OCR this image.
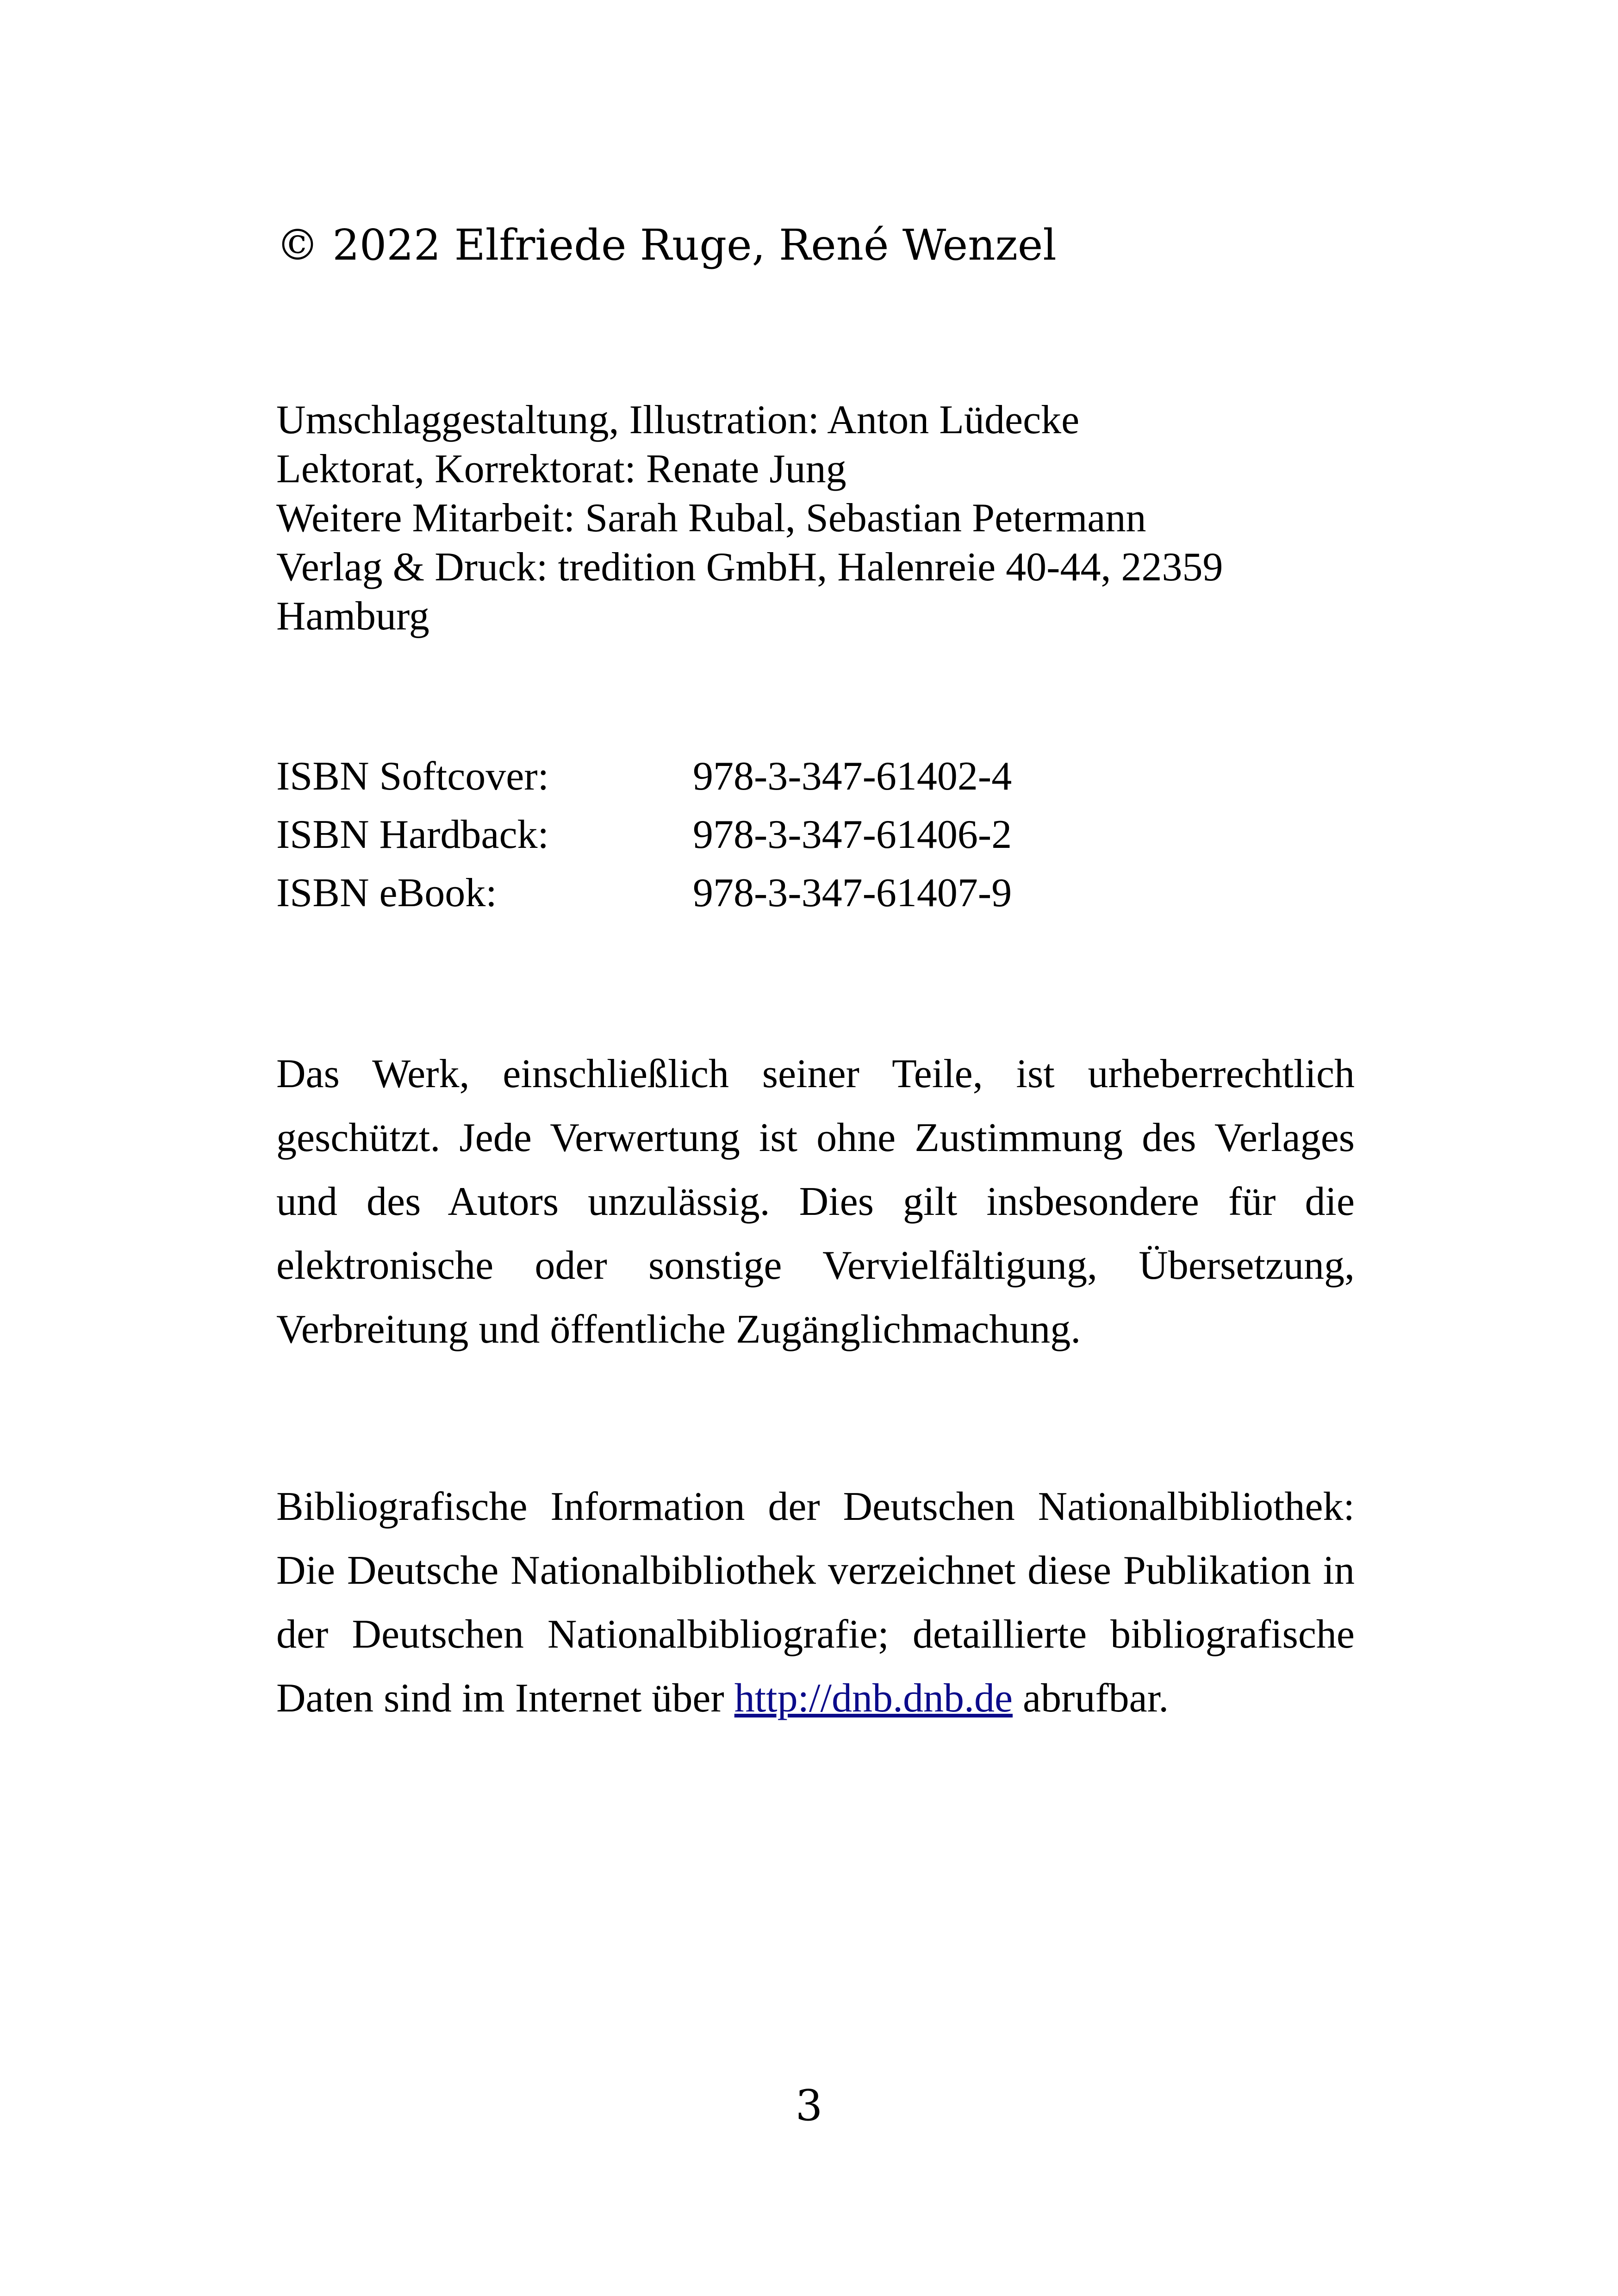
© 2022 Elfriede Ruge, René Wenzel
Umschlaggestaltung, Illustration: Anton Lüdecke
Lektorat, Korrektorat: Renate Jung
Weitere Mitarbeit: Sarah Rubal, Sebastian Petermann
Verlag & Druck: tredition GmbH, Halenreie 40-44, 22359
Hamburg
ISBN Softcover:	978-3-347-61402-4
ISBN Hardback:	978-3-347-61406-2
ISBN eBook:	978-3-347-61407-9

Das Werk, einschließlich seiner Teile, ist urheberrechtlich geschützt. Jede Verwertung ist ohne Zustimmung des Verlages und des Autors unzulässig. Dies gilt insbesondere für die elektronische oder sonstige Vervielfältigung, Übersetzung, Verbreitung und öffentliche Zugänglichmachung.

Bibliografische Information der Deutschen Nationalbibliothek: Die Deutsche Nationalbibliothek verzeichnet diese Publikation in der Deutschen Nationalbibliografie; detaillierte bibliografische Daten sind im Internet über http://dnb.dnb.de abrufbar.

3
